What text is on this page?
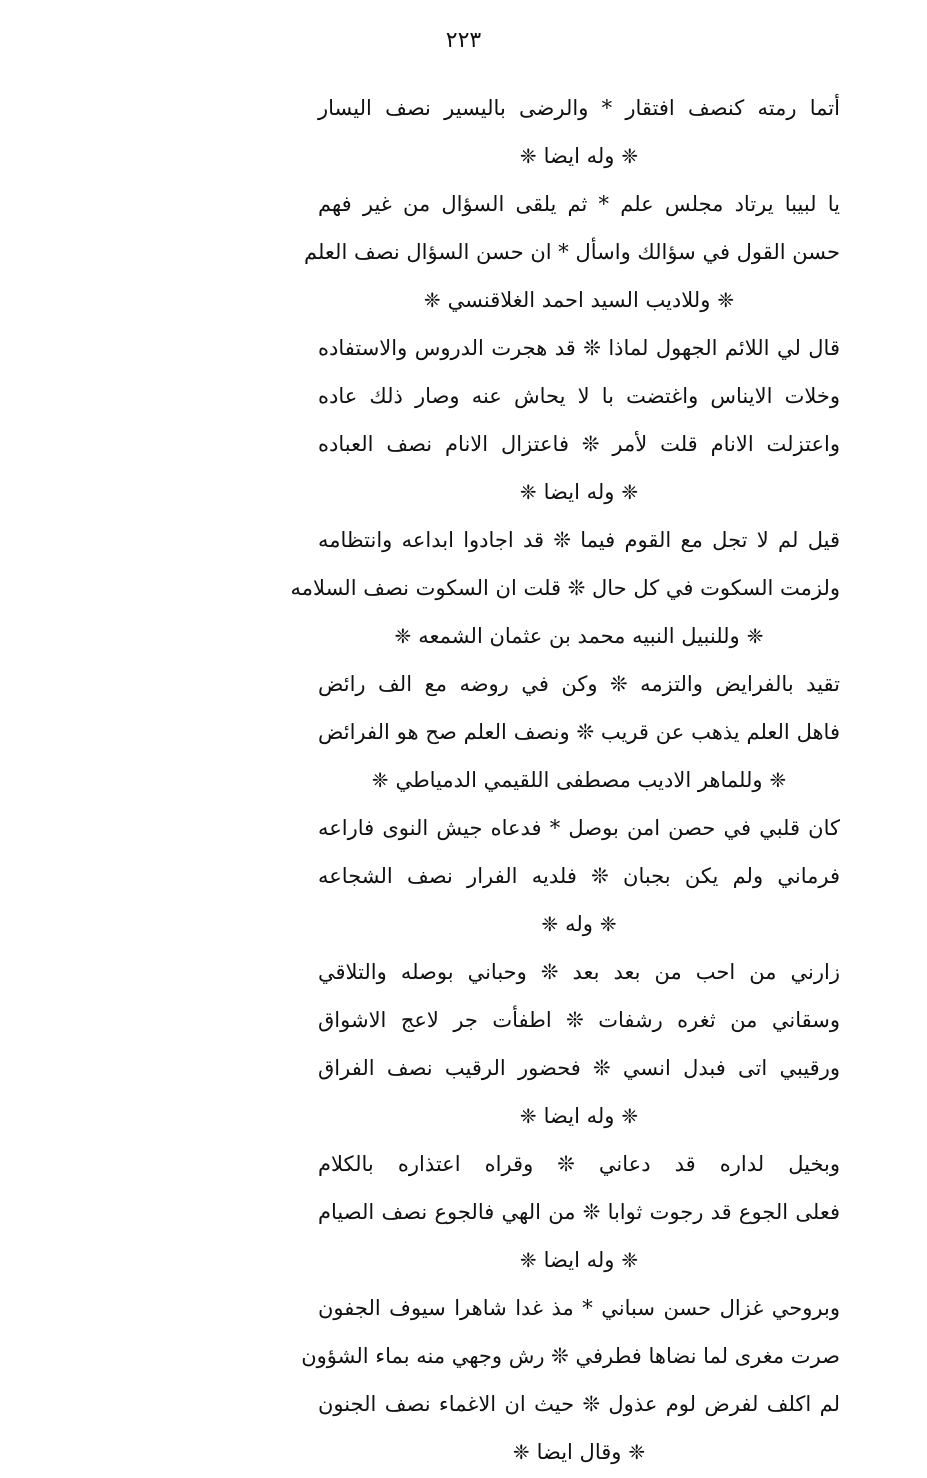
٢٢٣
أتما رمته كنصف افتقار * والرضى باليسير نصف اليسار
❈وله ايضا❈
يا لبيبا يرتاد مجلس علم * ثم يلقى السؤال من غير فهم
حسن القول في سؤالك واسأل * ان حسن السؤال نصف العلم
❈وللاديب السيد احمد الغلاقنسي❈
قال لي اللائم الجهول لماذا ❊ قد هجرت الدروس والاستفاده
وخلات الايناس واغتضت با لا يحاش عنه وصار ذلك عاده
واعتزلت الانام قلت لأمر ❊ فاعتزال الانام نصف العباده
❈وله ايضا❈
قيل لم لا تجل مع القوم فيما ❊ قد اجادوا ابداعه وانتظامه
ولزمت السكوت في كل حال ❊ قلت ان السكوت نصف السلامه
❈وللنبيل النبيه محمد بن عثمان الشمعه❈
تقيد بالفرايض والتزمه ❊ وكن في روضه مع الف رائض
فاهل العلم يذهب عن قريب ❊ ونصف العلم صح هو الفرائض
❈وللماهر الاديب مصطفى اللقيمي الدمياطي❈
كان قلبي في حصن امن بوصل * فدعاه جيش النوى فاراعه
فرماني ولم يكن بجبان ❊ فلديه الفرار نصف الشجاعه
❈وله❈
زارني من احب من بعد بعد ❊ وحباني بوصله والتلاقي
وسقاني من ثغره رشفات ❊ اطفأت جر لاعج الاشواق
ورقيبي اتى فبدل انسي ❊ فحضور الرقيب نصف الفراق
❈وله ايضا❈
وبخيل لداره قد دعاني ❊ وقراه اعتذاره بالكلام
فعلى الجوع قد رجوت ثوابا ❊ من الهي فالجوع نصف الصيام
❈وله ايضا❈
وبروحي غزال حسن سباني * مذ غدا شاهرا سيوف الجفون
صرت مغرى لما نضاها فطرفي ❊ رش وجهي منه بماء الشؤون
لم اكلف لفرض لوم عذول ❊ حيث ان الاغماء نصف الجنون
❈وقال ايضا❈
